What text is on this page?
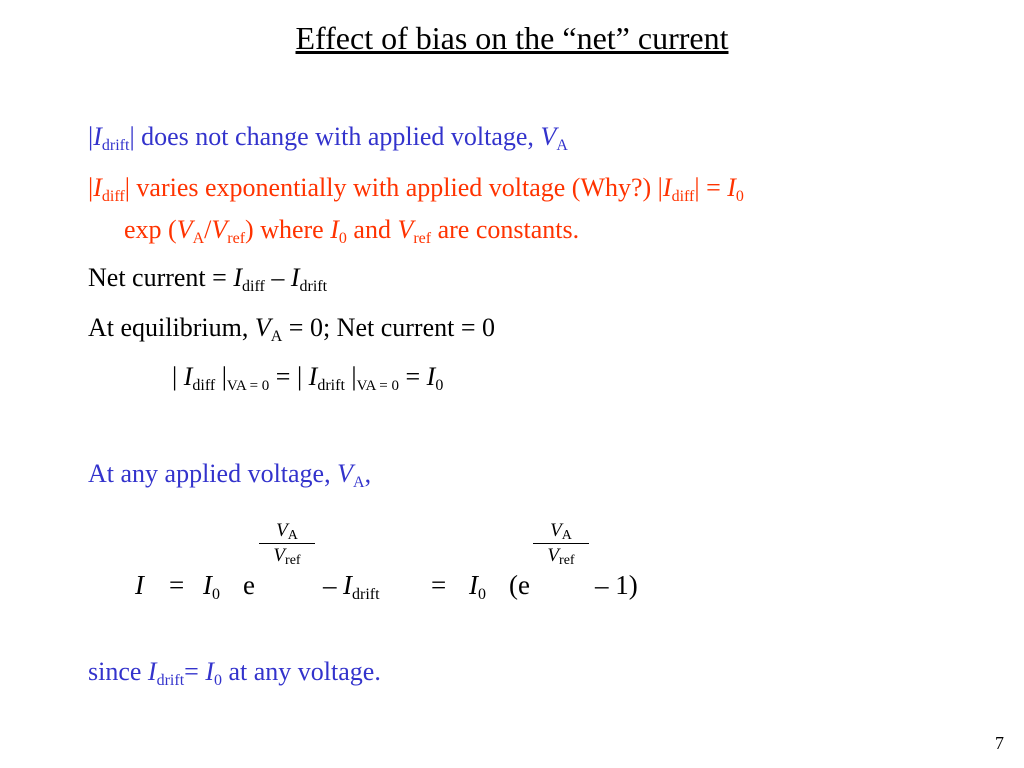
Effect of bias on the “net” current
$|I_{drift}|$ does not change with applied voltage, $V_A$
$|I_{diff}|$ varies exponentially with applied voltage (Why?) $|I_{diff}| = I_0$
$\exp (V_A/V_{ref})$ where $I_0$ and $V_{ref}$ are constants.
Net current = $I_{diff} - I_{drift}$
At equilibrium, $V_A = 0$; Net current = 0
| $I_{diff}$ $|_{VA = 0}$ = | $I_{drift}$ $|_{VA = 0} = I_0$
At any applied voltage, $V_A$,
$I = I_0$ e
$V_A$
$V_{ref}$
– $I_{drift} = I_0$ (e
$V_A$
$V_{ref}$
– 1)
since $I_{drift}= I_0$ at any voltage.
7
